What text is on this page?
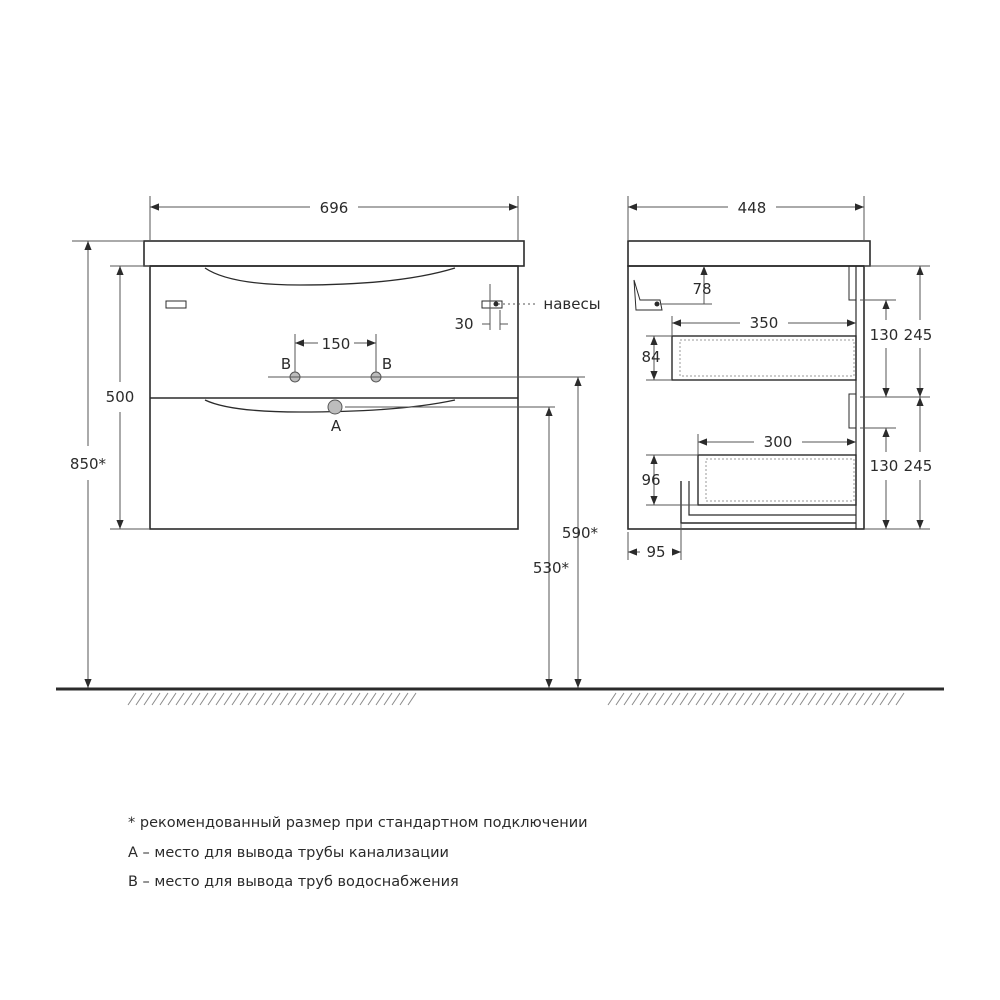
696
150
B	B
A
500
850*
30
навесы
590*
530*
448
78
350
84
300
96
95
130 245
130 245
* рекомендованный размер при стандартном подключении
А – место для вывода трубы канализации
В – место для вывода труб водоснабжения
